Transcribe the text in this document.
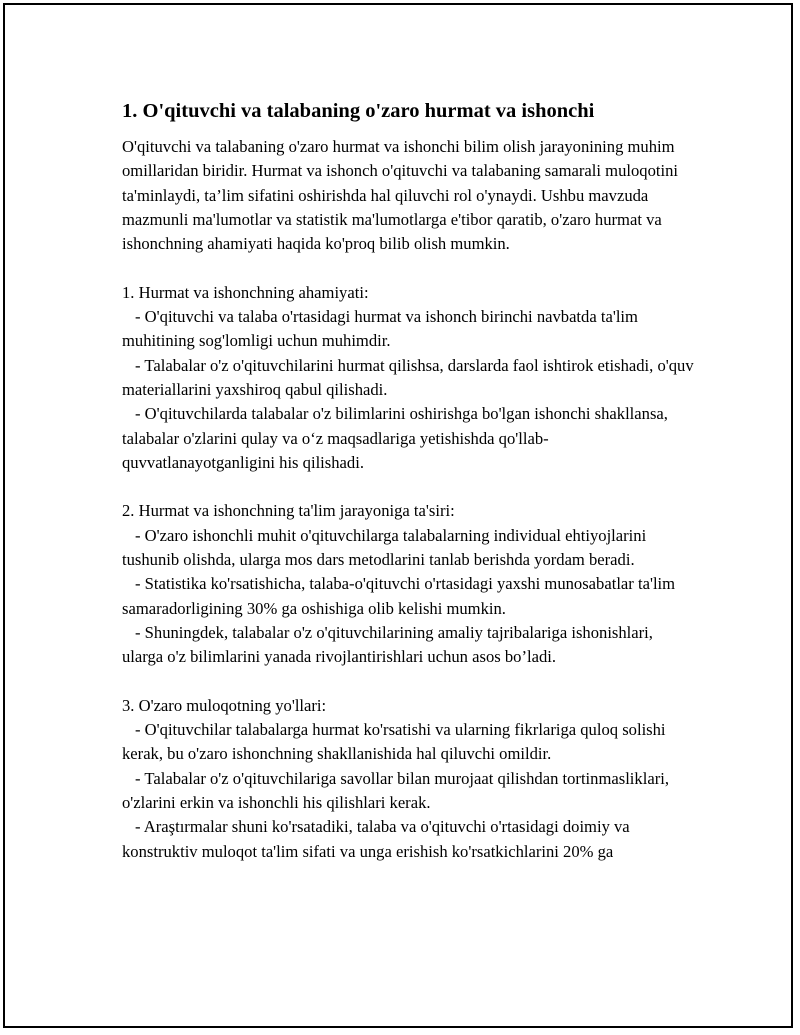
1. O'qituvchi va talabaning o'zaro hurmat va ishonchi

O'qituvchi va talabaning o'zaro hurmat va ishonchi bilim olish jarayonining muhim omillaridan biridir. Hurmat va ishonch o'qituvchi va talabaning samarali muloqotini ta'minlaydi, ta’lim sifatini oshirishda hal qiluvchi rol o'ynaydi. Ushbu mavzuda mazmunli ma'lumotlar va statistik ma'lumotlarga e'tibor qaratib, o'zaro hurmat va ishonchning ahamiyati haqida ko'proq bilib olish mumkin.

1. Hurmat va ishonchning ahamiyati:

- O'qituvchi va talaba o'rtasidagi hurmat va ishonch birinchi navbatda ta'lim muhitining sog'lomligi uchun muhimdir.

- Talabalar o'z o'qituvchilarini hurmat qilishsa, darslarda faol ishtirok etishadi, o'quv materiallarini yaxshiroq qabul qilishadi.

- O'qituvchilarda talabalar o'z bilimlarini oshirishga bo'lgan ishonchi shakllansa, talabalar o'zlarini qulay va o‘z maqsadlariga yetishishda qo'llab-quvvatlanayotganligini his qilishadi.

2. Hurmat va ishonchning ta'lim jarayoniga ta'siri:

- O'zaro ishonchli muhit o'qituvchilarga talabalarning individual ehtiyojlarini tushunib olishda, ularga mos dars metodlarini tanlab berishda yordam beradi.

- Statistika ko'rsatishicha, talaba-o'qituvchi o'rtasidagi yaxshi munosabatlar ta'lim samaradorligining 30% ga oshishiga olib kelishi mumkin.

- Shuningdek, talabalar o'z o'qituvchilarining amaliy tajribalariga ishonishlari, ularga o'z bilimlarini yanada rivojlantirishlari uchun asos bo’ladi.

3. O'zaro muloqotning yo'llari:

- O'qituvchilar talabalarga hurmat ko'rsatishi va ularning fikrlariga quloq solishi kerak, bu o'zaro ishonchning shakllanishida hal qiluvchi omildir.

- Talabalar o'z o'qituvchilariga savollar bilan murojaat qilishdan tortinmasliklari, o'zlarini erkin va ishonchli his qilishlari kerak.

- Araştırmalar shuni ko'rsatadiki, talaba va o'qituvchi o'rtasidagi doimiy va konstruktiv muloqot ta'lim sifati va unga erishish ko'rsatkichlarini 20% ga
